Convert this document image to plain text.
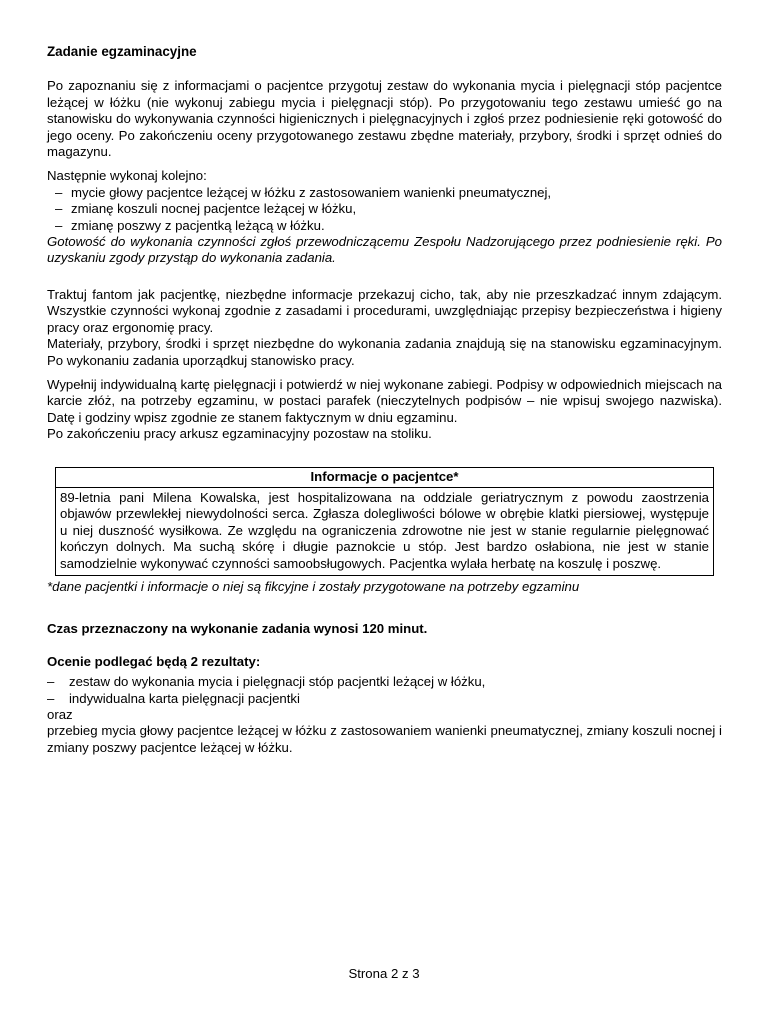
Zadanie egzaminacyjne

Po zapoznaniu się z informacjami o pacjentce przygotuj zestaw do wykonania mycia i pielęgnacji stóp pacjentce leżącej w łóżku (nie wykonuj zabiegu mycia i pielęgnacji stóp). Po przygotowaniu tego zestawu umieść go na stanowisku do wykonywania czynności higienicznych i pielęgnacyjnych i zgłoś przez podniesienie ręki gotowość do jego oceny. Po zakończeniu oceny przygotowanego zestawu zbędne materiały, przybory, środki i sprzęt odnieś do magazynu.

Następnie wykonaj kolejno:

– mycie głowy pacjentce leżącej w łóżku z zastosowaniem wanienki pneumatycznej,
– zmianę koszuli nocnej pacjentce leżącej w łóżku,
– zmianę poszwy z pacjentką leżącą w łóżku.

Gotowość do wykonania czynności zgłoś przewodniczącemu Zespołu Nadzorującego przez podniesienie ręki. Po uzyskaniu zgody przystąp do wykonania zadania.

Traktuj fantom jak pacjentkę, niezbędne informacje przekazuj cicho, tak, aby nie przeszkadzać innym zdającym. Wszystkie czynności wykonaj zgodnie z zasadami i procedurami, uwzględniając przepisy bezpieczeństwa i higieny pracy oraz ergonomię pracy.

Materiały, przybory, środki i sprzęt niezbędne do wykonania zadania znajdują się na stanowisku egzaminacyjnym. Po wykonaniu zadania uporządkuj stanowisko pracy.

Wypełnij indywidualną kartę pielęgnacji i potwierdź w niej wykonane zabiegi. Podpisy w odpowiednich miejscach na karcie złóż, na potrzeby egzaminu, w postaci parafek (nieczytelnych podpisów – nie wpisuj swojego nazwiska). Datę i godziny wpisz zgodnie ze stanem faktycznym w dniu egzaminu.

Po zakończeniu pracy arkusz egzaminacyjny pozostaw na stoliku.

Informacje o pacjentce*
89-letnia pani Milena Kowalska, jest hospitalizowana na oddziale geriatrycznym z powodu zaostrzenia objawów przewlekłej niewydolności serca. Zgłasza dolegliwości bólowe w obrębie klatki piersiowej, występuje u niej duszność wysiłkowa. Ze względu na ograniczenia zdrowotne nie jest w stanie regularnie pielęgnować kończyn dolnych. Ma suchą skórę i długie paznokcie u stóp. Jest bardzo osłabiona, nie jest w stanie samodzielnie wykonywać czynności samoobsługowych. Pacjentka wylała herbatę na koszulę i poszwę.

*dane pacjentki i informacje o niej są fikcyjne i zostały przygotowane na potrzeby egzaminu

Czas przeznaczony na wykonanie zadania wynosi 120 minut.

Ocenie podlegać będą 2 rezultaty:

– zestaw do wykonania mycia i pielęgnacji stóp pacjentki leżącej w łóżku,
– indywidualna karta pielęgnacji pacjentki

oraz

przebieg mycia głowy pacjentce leżącej w łóżku z zastosowaniem wanienki pneumatycznej, zmiany koszuli nocnej i zmiany poszwy pacjentce leżącej w łóżku.

Strona 2 z 3
